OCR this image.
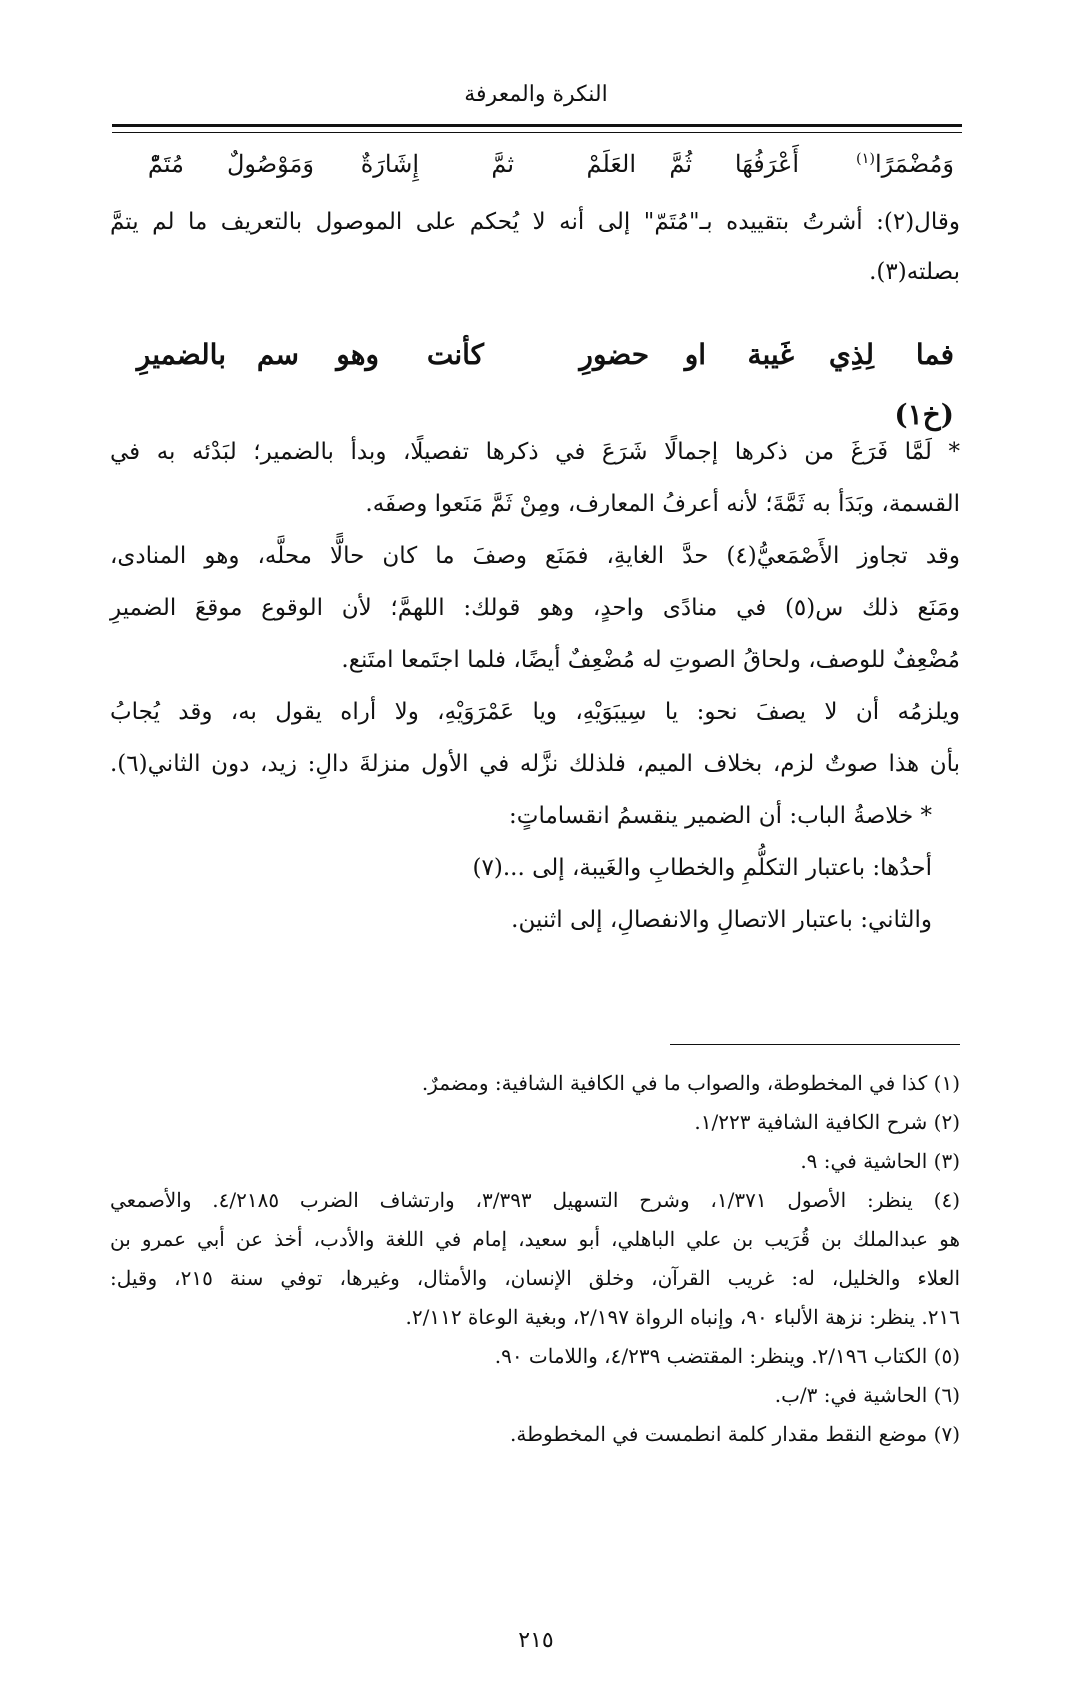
النكرة والمعرفة
وَمُضْمَرًا$^{(١)}$
أَعْرَفُهَا
ثُمَّ
العَلَمْ
ثمَّ
إِشَارَةٌ
وَمَوْصُولٌ
مُتَمّْ
وقال(٢): أشرتُ بتقييده بـ"مُتَمّ" إلى أنه لا يُحكم على الموصول بالتعريف ما لم يتمَّ
بصلته(٣).
فما
لِذِي
غَيبة
او
حضورِ
كأنت
وهو
سم
بالضميرِ
(خ١)
* لَمَّا فَرَغَ من ذكرها إجمالًا شَرَعَ في ذكرها تفصيلًا، وبدأ بالضمير؛ لبَدْئه به في
القسمة، وبَدَأ به ثَمَّةَ؛ لأنه أعرفُ المعارف، ومِنْ ثَمَّ مَنَعوا وصفَه.
وقد تجاوز الأَصْمَعيُّ(٤) حدَّ الغايةِ، فمَنَع وصفَ ما كان حالًّا محلَّه، وهو المنادى،
ومَنَع ذلك س(٥) في منادًى واحدٍ، وهو قولك: اللهمَّ؛ لأن الوقوع موقعَ الضميرِ
مُضْعِفٌ للوصف، ولحاقُ الصوتِ له مُضْعِفٌ أيضًا، فلما اجتَمعا امتَنع.
ويلزمُه أن لا يصفَ نحو: يا سِيبَوَيْهِ، ويا عَمْرَوَيْهِ، ولا أراه يقول به، وقد يُجابُ
بأن هذا صوتٌ لزم، بخلاف الميم، فلذلك نزَّله في الأول منزلةَ دالِ: زيد، دون الثاني(٦).
* خلاصةُ الباب: أن الضمير ينقسمُ انقساماتٍ:
أحدُها: باعتبار التكلُّمِ والخطابِ والغَيبة، إلى ...(٧)
والثاني: باعتبار الاتصالِ والانفصالِ، إلى اثنين.
(١) كذا في المخطوطة، والصواب ما في الكافية الشافية: ومضمرٌ.
(٢) شرح الكافية الشافية ١/٢٢٣.
(٣) الحاشية في: ٩.
(٤) ينظر: الأصول ١/٣٧١، وشرح التسهيل ٣/٣٩٣، وارتشاف الضرب ٤/٢١٨٥. والأصمعي
هو عبدالملك بن قُرَيب بن علي الباهلي، أبو سعيد، إمام في اللغة والأدب، أخذ عن أبي عمرو بن
العلاء والخليل، له: غريب القرآن، وخلق الإنسان، والأمثال، وغيرها، توفي سنة ٢١٥، وقيل:
٢١٦. ينظر: نزهة الألباء ٩٠، وإنباه الرواة ٢/١٩٧، وبغية الوعاة ٢/١١٢.
(٥) الكتاب ٢/١٩٦. وينظر: المقتضب ٤/٢٣٩، واللامات ٩٠.
(٦) الحاشية في: ٣/ب.
(٧) موضع النقط مقدار كلمة انطمست في المخطوطة.
٢١٥
